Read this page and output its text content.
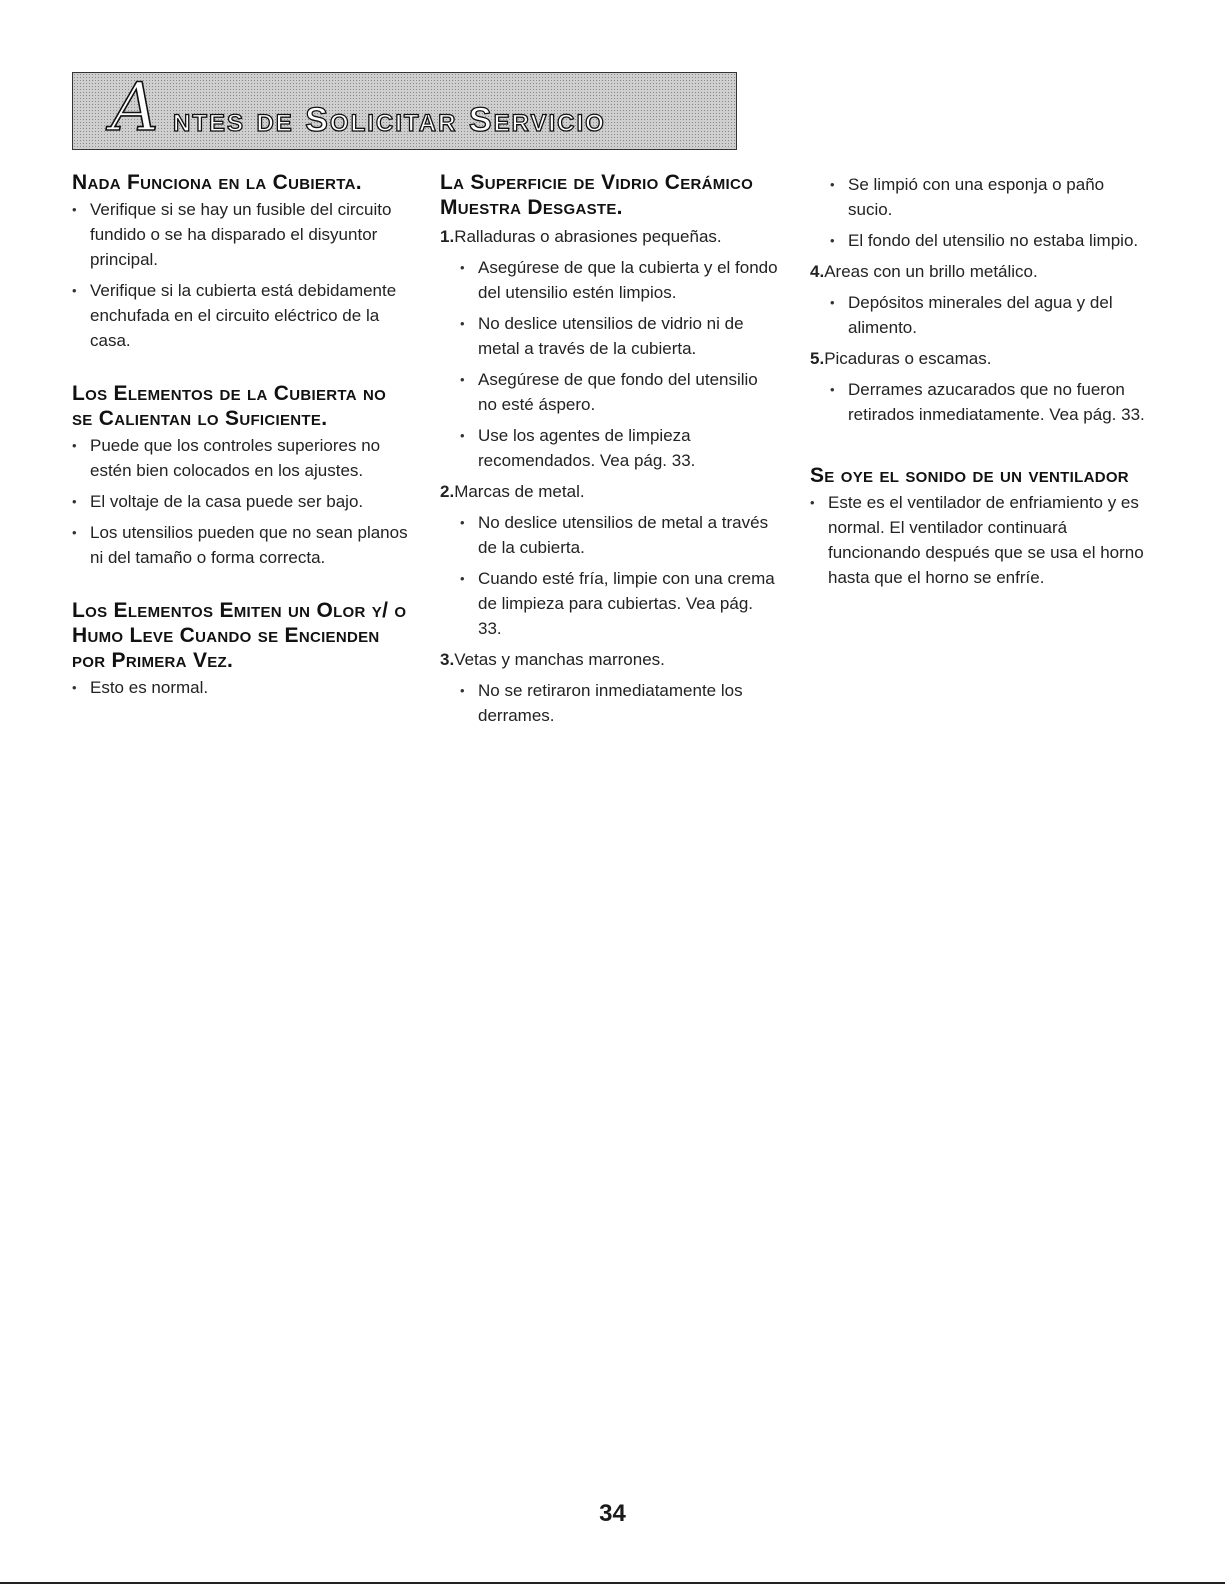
A ntes de Solicitar Servicio
Nada Funciona en la Cubierta.
• Verifique si se hay un fusible del circuito fundido o se ha disparado el disyuntor principal.
• Verifique si la cubierta está debidamente enchufada en el circuito eléctrico de la casa.
Los Elementos de la Cubierta no se Calientan lo Suficiente.
• Puede que los controles superiores no estén bien colocados en los ajustes.
• El voltaje de la casa puede ser bajo.
• Los utensilios pueden que no sean planos ni del tamaño o forma correcta.
Los Elementos Emiten un Olor y/ o Humo Leve Cuando se Encienden por Primera Vez.
• Esto es normal.
La Superficie de Vidrio Cerámico Muestra Desgaste.
1.Ralladuras o abrasiones pequeñas.
• Asegúrese de que la cubierta y el fondo del utensilio estén limpios.
• No deslice utensilios de vidrio ni de metal a través de la cubierta.
• Asegúrese de que fondo del utensilio no esté áspero.
• Use los agentes de limpieza recomendados. Vea pág. 33.
2.Marcas de metal.
• No deslice utensilios de metal a través de la cubierta.
• Cuando esté fría, limpie con una crema de limpieza para cubiertas. Vea pág. 33.
3.Vetas y manchas marrones.
• No se retiraron inmediatamente los derrames.
• Se limpió con una esponja o paño sucio.
• El fondo del utensilio no estaba limpio.
4.Areas con un brillo metálico.
• Depósitos minerales del agua y del alimento.
5.Picaduras o escamas.
• Derrames azucarados que no fueron retirados inmediatamente. Vea pág. 33.
Se oye el sonido de un ventilador
• Este es el ventilador de enfriamiento y es normal. El ventilador continuará funcionando después que se usa el horno hasta que el horno se enfríe.
34
